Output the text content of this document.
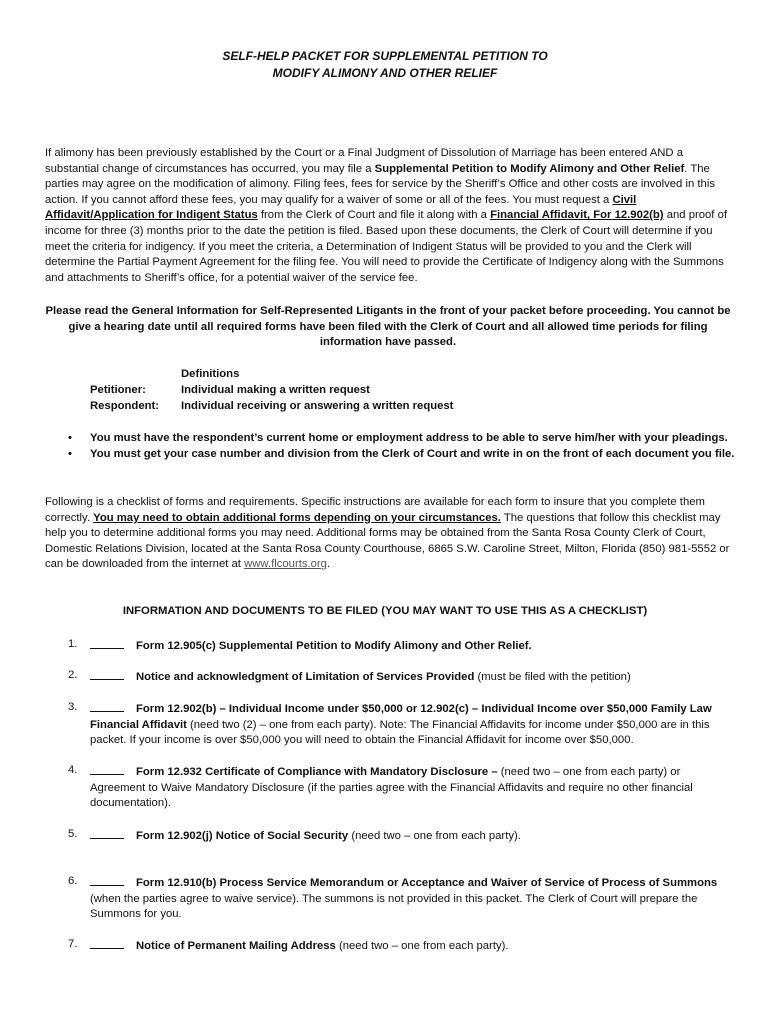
SELF-HELP PACKET FOR SUPPLEMENTAL PETITION TO
MODIFY ALIMONY AND OTHER RELIEF
If alimony has been previously established by the Court or a Final Judgment of Dissolution of Marriage has been entered AND a substantial change of circumstances has occurred, you may file a Supplemental Petition to Modify Alimony and Other Relief. The parties may agree on the modification of alimony. Filing fees, fees for service by the Sheriff’s Office and other costs are involved in this action. If you cannot afford these fees, you may qualify for a waiver of some or all of the fees. You must request a Civil Affidavit/Application for Indigent Status from the Clerk of Court and file it along with a Financial Affidavit, For 12.902(b) and proof of income for three (3) months prior to the date the petition is filed. Based upon these documents, the Clerk of Court will determine if you meet the criteria for indigency. If you meet the criteria, a Determination of Indigent Status will be provided to you and the Clerk will determine the Partial Payment Agreement for the filing fee. You will need to provide the Certificate of Indigency along with the Summons and attachments to Sheriff’s office, for a potential waiver of the service fee.
Please read the General Information for Self-Represented Litigants in the front of your packet before proceeding. You cannot be
give a hearing date until all required forms have been filed with the Clerk of Court and all allowed time periods for filing
information have passed.
Definitions
Petitioner:	Individual making a written request
Respondent: Individual receiving or answering a written request
• You must have the respondent’s current home or employment address to be able to serve him/her with your pleadings.
• You must get your case number and division from the Clerk of Court and write in on the front of each document you file.
Following is a checklist of forms and requirements. Specific instructions are available for each form to insure that you complete them correctly. You may need to obtain additional forms depending on your circumstances. The questions that follow this checklist may help you to determine additional forms you may need. Additional forms may be obtained from the Santa Rosa County Clerk of Court, Domestic Relations Division, located at the Santa Rosa County Courthouse, 6865 S.W. Caroline Street, Milton, Florida (850) 981-5552 or can be downloaded from the internet at www.flcourts.org.
INFORMATION AND DOCUMENTS TO BE FILED (YOU MAY WANT TO USE THIS AS A CHECKLIST)
1.	Form 12.905(c) Supplemental Petition to Modify Alimony and Other Relief.
2.	Notice and acknowledgment of Limitation of Services Provided (must be filed with the petition)
3.	Form 12.902(b) – Individual Income under $50,000 or 12.902(c) – Individual Income over $50,000 Family Law Financial Affidavit (need two (2) – one from each party). Note: The Financial Affidavits for income under $50,000 are in this packet. If your income is over $50,000 you will need to obtain the Financial Affidavit for income over $50,000.
4.	Form 12.932 Certificate of Compliance with Mandatory Disclosure – (need two – one from each party) or Agreement to Waive Mandatory Disclosure (if the parties agree with the Financial Affidavits and require no other financial documentation).
5.	Form 12.902(j) Notice of Social Security (need two – one from each party).
6.	Form 12.910(b) Process Service Memorandum or Acceptance and Waiver of Service of Process of Summons (when the parties agree to waive service). The summons is not provided in this packet. The Clerk of Court will prepare the Summons for you.
7.	Notice of Permanent Mailing Address (need two – one from each party).
